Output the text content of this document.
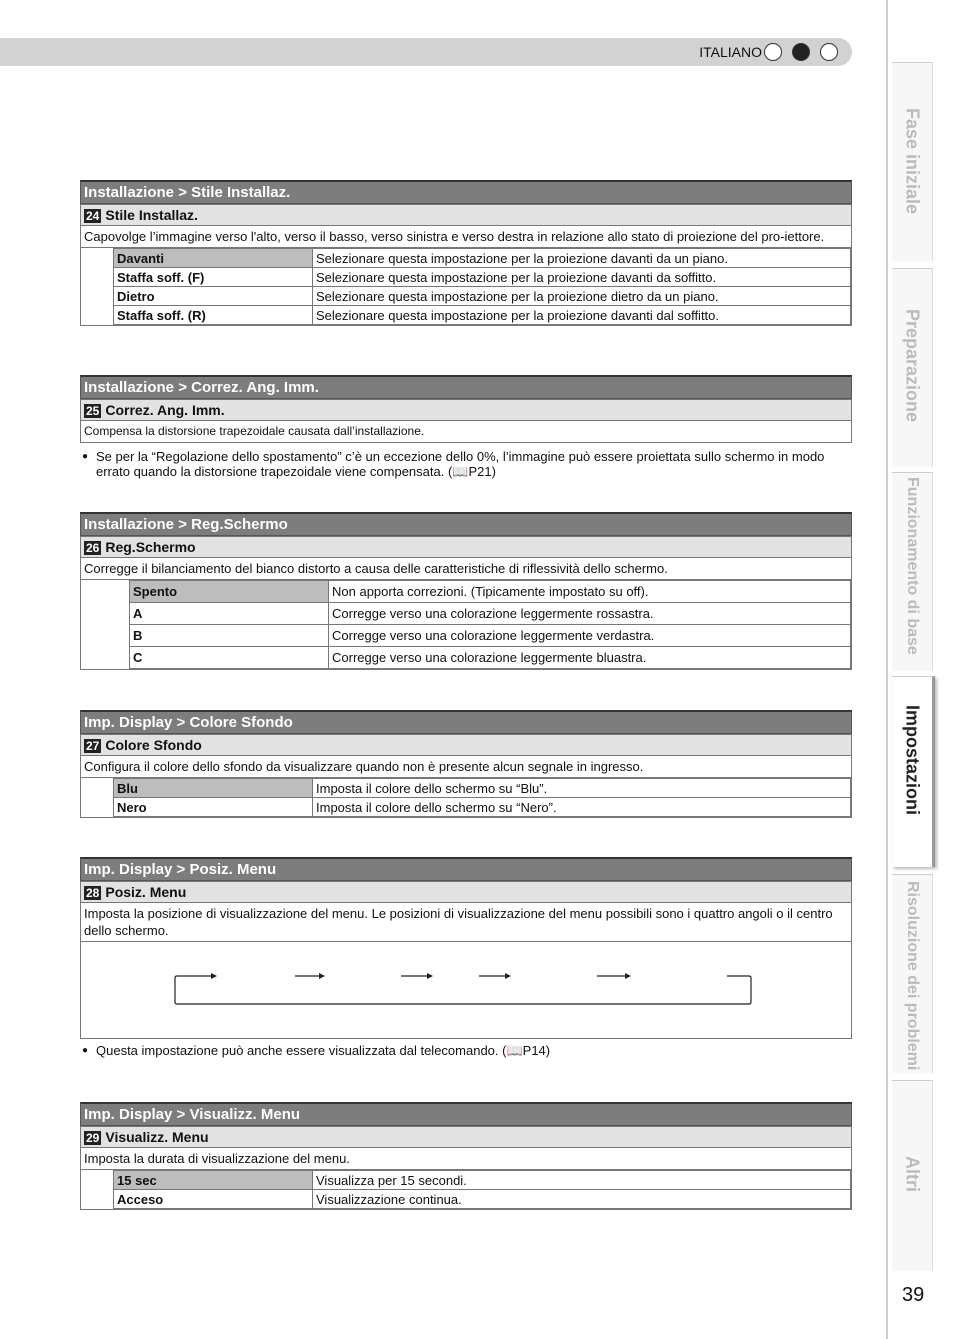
ITALIANO
Fase iniziale
Preparazione
Funzionamento di base
Impostazioni
Risoluzione dei problemi
Altri
39
Installazione > Stile Installaz.
24 Stile Installaz.
Capovolge l’immagine verso l'alto, verso il basso, verso sinistra e verso destra in relazione allo stato di proiezione del pro-iettore.
Davanti	Selezionare questa impostazione per la proiezione davanti da un piano.
Staffa soff. (F)	Selezionare questa impostazione per la proiezione davanti da soffitto.
Dietro	Selezionare questa impostazione per la proiezione dietro da un piano.
Staffa soff. (R)	Selezionare questa impostazione per la proiezione davanti dal soffitto.
Installazione > Correz. Ang. Imm.
25 Correz. Ang. Imm.
Compensa la distorsione trapezoidale causata dall’installazione.
● Se per la “Regolazione dello spostamento” c’è un eccezione dello 0%, l’immagine può essere proiettata sullo schermo in modo errato quando la distorsione trapezoidale viene compensata. (📖P21)
Installazione > Reg.Schermo
26 Reg.Schermo
Corregge il bilanciamento del bianco distorto a causa delle caratteristiche di riflessività dello schermo.
Spento	Non apporta correzioni. (Tipicamente impostato su off).
A	Corregge verso una colorazione leggermente rossastra.
B	Corregge verso una colorazione leggermente verdastra.
C	Corregge verso una colorazione leggermente bluastra.
Imp. Display > Colore Sfondo
27 Colore Sfondo
Configura il colore dello sfondo da visualizzare quando non è presente alcun segnale in ingresso.
Blu	Imposta il colore dello schermo su “Blu”.
Nero	Imposta il colore dello schermo su “Nero”.
Imp. Display > Posiz. Menu
28 Posiz. Menu
Imposta la posizione di visualizzazione del menu. Le posizioni di visualizzazione del menu possibili sono i quattro angoli o il centro dello schermo.
● Questa impostazione può anche essere visualizzata dal telecomando. (📖P14)
Imp. Display > Visualizz. Menu
29 Visualizz. Menu
Imposta la durata di visualizzazione del menu.
15 sec	Visualizza per 15 secondi.
Acceso	Visualizzazione continua.
